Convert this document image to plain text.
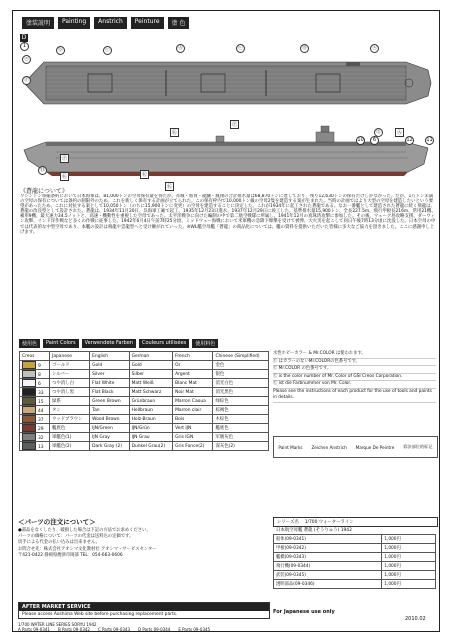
塗装説明	Painting	Anstrich	Peinture	塗 色
D
Ⓕ
ⓐ
ⓑ	ⓒ	Ⓐ	ⓒ	Ⓑ	ⓐ
Ⓔ
Ⓗ
Ⓚ
Ⓚ
Ⓚ
Ⓚ
Ⓕ
Ⓕ
Ⓐ
1
6
10	11
12
《蒼龍について》
ワシントン軍縮条約において日本海軍は、81,000トンの空母保有量を得たが、赤城・加賀・龍驤・鳳翔の合計排水量は68,870トンに達しており、残り12,630トンの保有だけしかなかった。だが、1万トン未満の空母の保有については条約の制限外のため、これを新しく保有する計画が立てられた。この保有枠内で10,000トン級の空母2隻を建造する案が生まれた。当時の計画ではより大型の空母を建造したいという要望があったため、これに対抗する案として10,050トン（のちに15,900トンに変更）の空母を建造することに決定した。これが1934年に起工された蒼龍である。なお一番艦として建造された蒼龍に続く飛龍は、蒼龍の改良型として設計された。蒼龍は、1934年11月20日、呉海軍工廠で起工、1935年12月23日進水、1937年12月29日に竣工した。基準排水量15,900トン、全長227.5m、飛行甲板長216m、常用21機、補用9機、最大速力34.5ノットと、高速・機動性を重視した空母であった。太平洋戦争に向けた編制の中で第二航空戦隊に所属し、1941年12月の真珠湾攻撃に参加した。その後、ウェーク島攻略支援、ダーウィン攻撃、インド洋作戦など多くの作戦に従事した。1942年6月4日午前7時25分頃、ミッドウェー海戦において米軍機の急降下爆撃を受けて被弾、大火災を起こして同日午後7時13分頃に沈没した。日本空母の中では代表的な中型空母であり、本艦の設計は飛龍や雲龍型へと受け継がれていった。※WL艦空母艦「蒼龍」の商品化については、艦の資料を提供いただいた皆様に多大なご協力を頂きました。ここに感謝申し上げます。
使用色	Paint Colors	Verwendete Farben	Couleurs utilisées	使用料色
Creos	Japanese	English	German	French	Chinese (Simplified)
9	ゴールド	Gold	Gold	Or	金色
8	シルバー	Silver	Silber	Argent	银色
6	つや消し白	Flat White	Matt Weiß	Blanc Mat	消光白色
33	つや消し黒	Flat Black	Matt Schwarz	Noir Mat	消光黑色
15	緑系	Green Brown	Grünbraun	Marron Caoua	绿棕色
44	タン	Tan	Hellbraun	Marron clair	棕褐色
37	ウッドブラウン	Wood Brown	Holz-Braun	Bois	木棕色
29	艦底色	IJN/Green	IJN/Grün	Vert IJN	艦底色
32	軍艦色(1)	IJN Gray	IJN Grau	Gris IGN	军舰灰色
13	軍艦色(2)	Dark Gray (2)	Dunkel Grau(2)	Gris Fonce(2)	深灰色(2)
水性ホビーカラー & Mr.COLOR は使われます。
Ⓒ はカラーのないMr.COLORの色番号です。
Ⓒ Mr.COLOR の色番号です。
Ⓒ is the color number of Mr. Color of GSI Creos Corporation.
Ⓒ ist die Farbnummer von Mr. Color.
Please see the instructions of each product for the use of tools and paints in details.
Paint Marks Zeichen Anstrich Marque De Peintre 彩涂部位的标记
＜パーツの注文について＞
●部品をなくしたり、破損した場合は下記の方法でお求めください。
パーツの価格について：パーツの代金は送料込の定価です。
切手による代金の払い込みは出来ません。
お問合せ先：株式会社アオシマ文化教材社 アオシマ・サービスセンター
〒421-0422 静岡県焼津市岡部 TEL：054-663-0606
AFTER MARKET SERVICE
Please access Aoshima Web site before purchasing replacement parts.
シリーズ名	1/700 ウォーターライン
日本航空母艦 蒼龍 (そうりゅう) 1942
船体(09-0341)	1,000円
甲板(09-0342)	1,000円
艦橋(09-0343)	1,000円
飛行機(09-0344)	1,000円
武装(09-0345)	1,000円
透明部品(09-0346)	1,000円
For Japanese use only
2010.02
1/700 WATER LINE SERIES SORYU 1942
A Parts 09-0341 B Parts 09-0342 C Parts 09-0343 D Parts 09-0344 E Parts 09-0345
